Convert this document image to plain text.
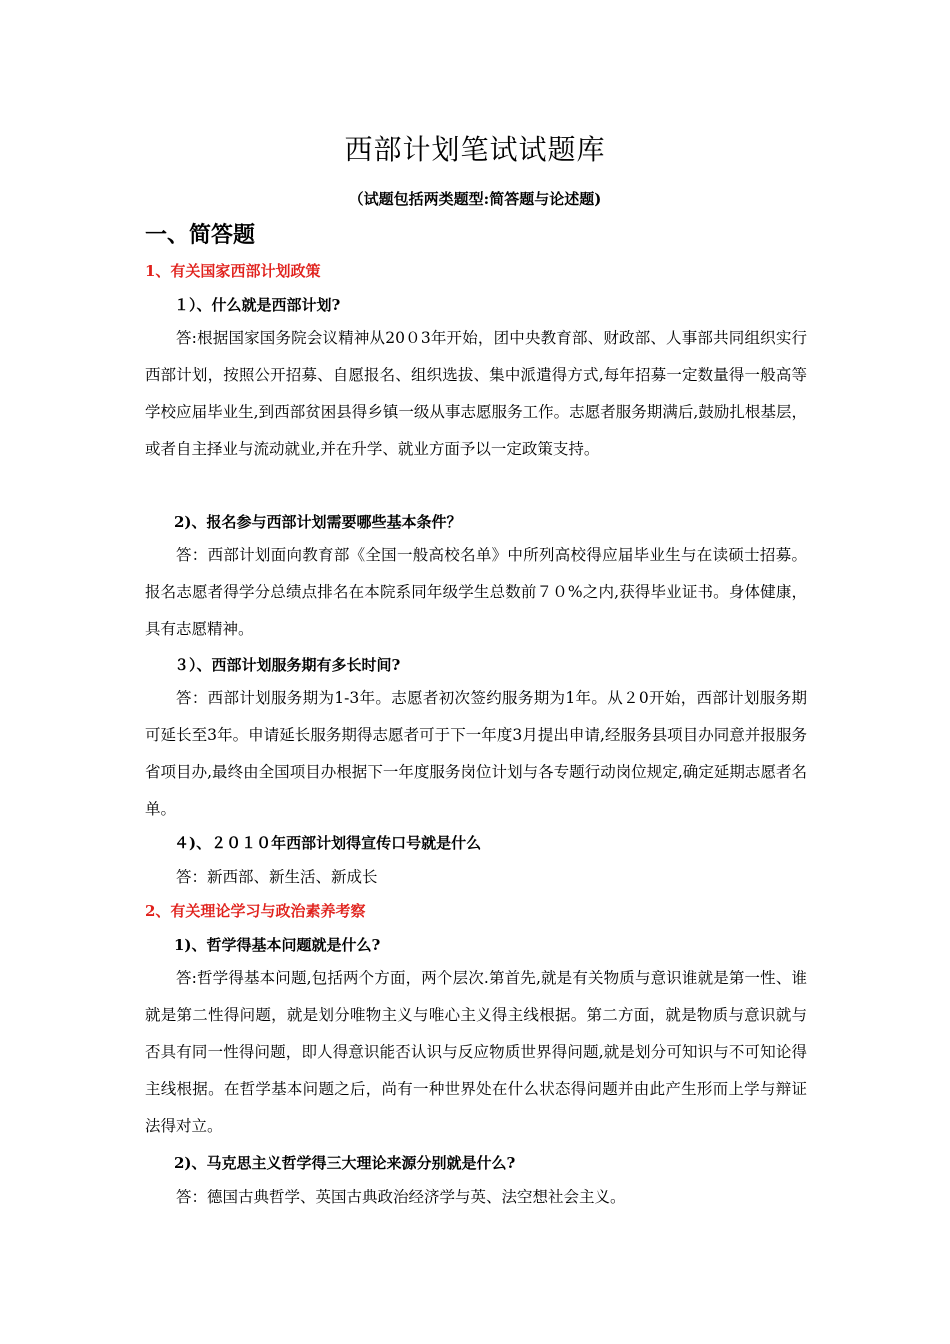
西部计划笔试试题库
（试题包括两类题型:简答题与论述题)
一、简答题
1、有关国家西部计划政策
１）、什么就是西部计划?

答:根据国家国务院会议精神从20０3年开始，团中央教育部、财政部、人事部共同组织实行西部计划，按照公开招募、自愿报名、组织选拔、集中派遣得方式,每年招募一定数量得一般高等学校应届毕业生,到西部贫困县得乡镇一级从事志愿服务工作。志愿者服务期满后,鼓励扎根基层，或者自主择业与流动就业,并在升学、就业方面予以一定政策支持。

2)、报名参与西部计划需要哪些基本条件？

答：西部计划面向教育部《全国一般高校名单》中所列高校得应届毕业生与在读硕士招募。报名志愿者得学分总绩点排名在本院系同年级学生总数前７０%之内,获得毕业证书。身体健康，具有志愿精神。

３）、西部计划服务期有多长时间?

答：西部计划服务期为1-3年。志愿者初次签约服务期为1年。从２0开始，西部计划服务期可延长至3年。申请延长服务期得志愿者可于下一年度3月提出申请,经服务县项目办同意并报服务省项目办,最终由全国项目办根据下一年度服务岗位计划与各专题行动岗位规定,确定延期志愿者名单。

４)、２０１０年西部计划得宣传口号就是什么

答：新西部、新生活、新成长

2、有关理论学习与政治素养考察
1)、哲学得基本问题就是什么?

答:哲学得基本问题,包括两个方面，两个层次.第首先,就是有关物质与意识谁就是第一性、谁就是第二性得问题，就是划分唯物主义与唯心主义得主线根据。第二方面，就是物质与意识就与否具有同一性得问题，即人得意识能否认识与反应物质世界得问题,就是划分可知识与不可知论得主线根据。在哲学基本问题之后，尚有一种世界处在什么状态得问题并由此产生形而上学与辩证法得对立。

2)、马克思主义哲学得三大理论来源分别就是什么?

答：德国古典哲学、英国古典政治经济学与英、法空想社会主义。
